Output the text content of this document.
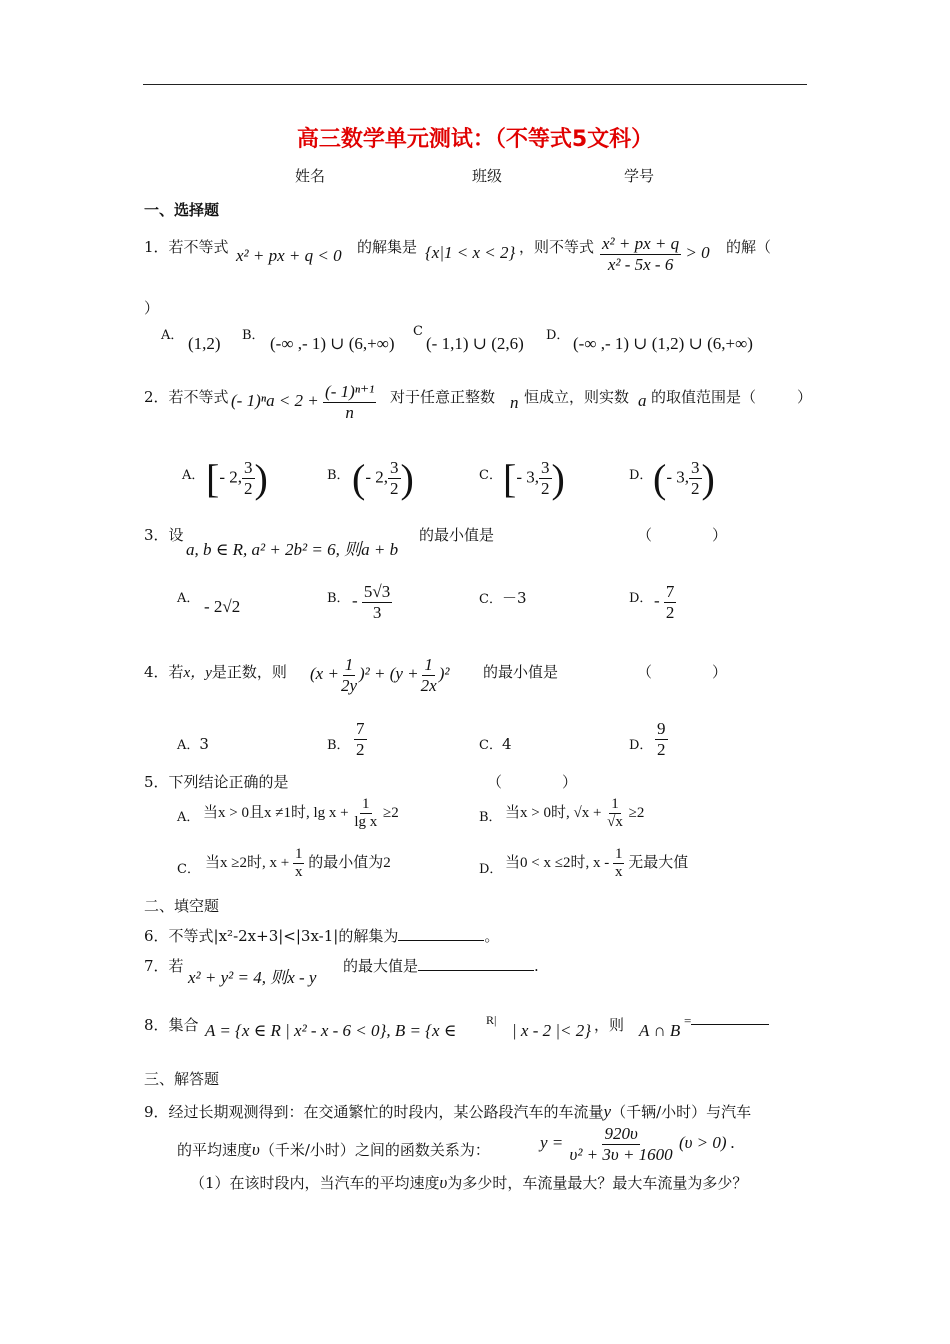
高三数学单元测试：（不等式5文科）
姓名	班级	学号
一、选择题
1．若不等式 x² + px + q < 0 的解集是 {x|1 < x < 2} ，则不等式 $\frac{\text{x² + px + q}}{\text{x² - 5x - 6}} > 0$ 的解（
）
A． (1,2) B． (-∞ ,- 1) ∪ (6,+∞)
C
(- 1,1) ∪ (2,6) D． (-∞ ,- 1) ∪ (1,2) ∪ (6,+∞)
2．若不等式 (- $1)^na < 2 + \frac{\text{(- 1)ⁿ⁺¹}}{n}$ 对于任意正整数 n 恒成立，则实数 a 的取值范围是（	）
A． [- 2, $\frac{3}{2}$ )	B． (- 2, $\frac{3}{2}$ )	C． [- 3, $\frac{3}{2}$ )	D． (- 3, $\frac{3}{2}$ )
3．设
a, b ∈ R, a² + 2b² = 6, 则a + b
的最小值是	（　　　　）
A． - 2√2	B． - $\frac{5√3}{3}$	C．－3	D． - $\frac{7}{2}$
4．若x，y是正数，则 $(x + \frac{1}{2y} )^2 + (y + \frac{1}{2x} )^2$ 的最小值是	（　　　　）
A．3	B． $\frac{7}{2}$	C．4	D． $\frac{9}{2}$
5．下列结论正确的是	（　　　　）
A． 当x > 0且x ≠1时, $\lg x + \frac{1}{\text{lg x}} \ge 2$	B． 当x > 0时, $√x + \frac{1}{√x} \ge 2$
C． 当x ≥2时, $x + \frac{1}{x}$ 的最小值为2	D． 当0 < x ≤2时, x - $\frac{1}{x}$ 无最大值
二、填空题
6．不等式|x²-2x+3|<|3x-1|的解集为	。
7．若
x² + y² = 4, 则x - y
的最大值是	.
8．集合 A = {x ∈ R | x² - x - 6 < 0}, B = {x ∈
R|
| x - 2 |< 2} ，则 A ∩ B
=
三、解答题
9．经过长期观测得到：在交通繁忙的时段内，某公路段汽车的车流量y（千辆/小时）与汽车
的平均速度υ（千米/小时）之间的函数关系为：	$y = \frac{920\upsilon}{\text{υ² + 3υ + 1600}} (\upsilon > 0)$ .
（1）在该时段内，当汽车的平均速度υ为多少时，车流量最大？最大车流量为多少？
